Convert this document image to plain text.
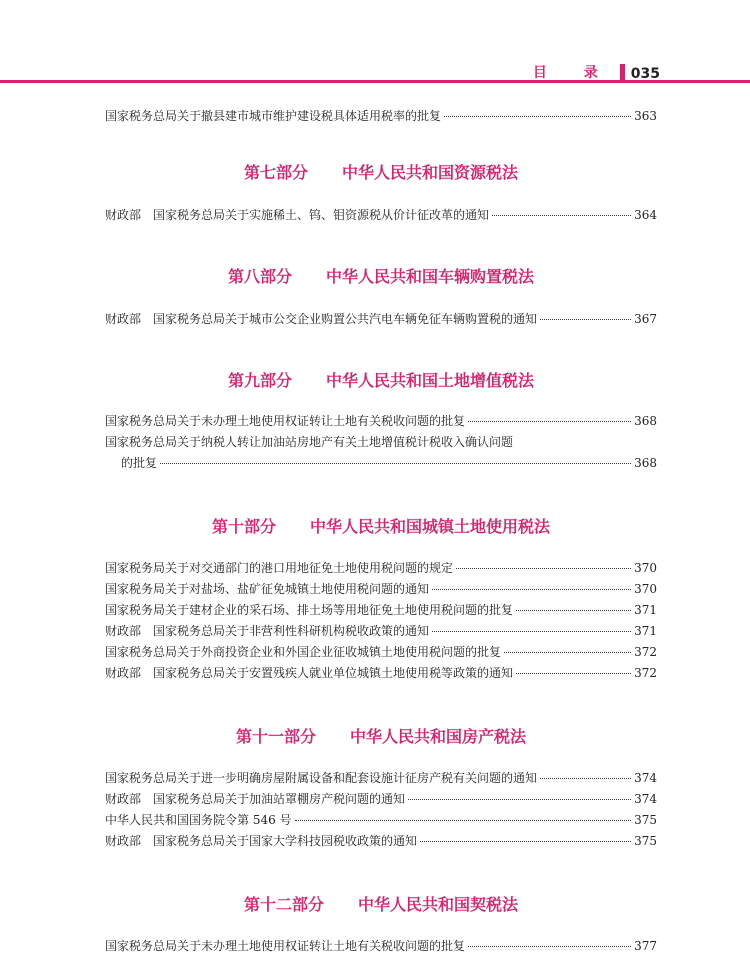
目 录 035
国家税务总局关于撤县建市城市维护建设税具体适用税率的批复	363
第七部分 中华人民共和国资源税法
财政部　国家税务总局关于实施稀土、钨、钼资源税从价计征改革的通知	364
第八部分 中华人民共和国车辆购置税法
财政部　国家税务总局关于城市公交企业购置公共汽电车辆免征车辆购置税的通知	367
第九部分 中华人民共和国土地增值税法
国家税务总局关于未办理土地使用权证转让土地有关税收问题的批复	368
国家税务总局关于纳税人转让加油站房地产有关土地增值税计税收入确认问题
的批复	368
第十部分 中华人民共和国城镇土地使用税法
国家税务局关于对交通部门的港口用地征免土地使用税问题的规定	370
国家税务局关于对盐场、盐矿征免城镇土地使用税问题的通知	370
国家税务局关于建材企业的采石场、排土场等用地征免土地使用税问题的批复	371
财政部　国家税务总局关于非营利性科研机构税收政策的通知	371
国家税务总局关于外商投资企业和外国企业征收城镇土地使用税问题的批复	372
财政部　国家税务总局关于安置残疾人就业单位城镇土地使用税等政策的通知	372
第十一部分 中华人民共和国房产税法
国家税务总局关于进一步明确房屋附属设备和配套设施计征房产税有关问题的通知	374
财政部　国家税务总局关于加油站罩棚房产税问题的通知	374
中华人民共和国国务院令第 546 号	375
财政部　国家税务总局关于国家大学科技园税收政策的通知	375
第十二部分 中华人民共和国契税法
国家税务总局关于未办理土地使用权证转让土地有关税收问题的批复	377
